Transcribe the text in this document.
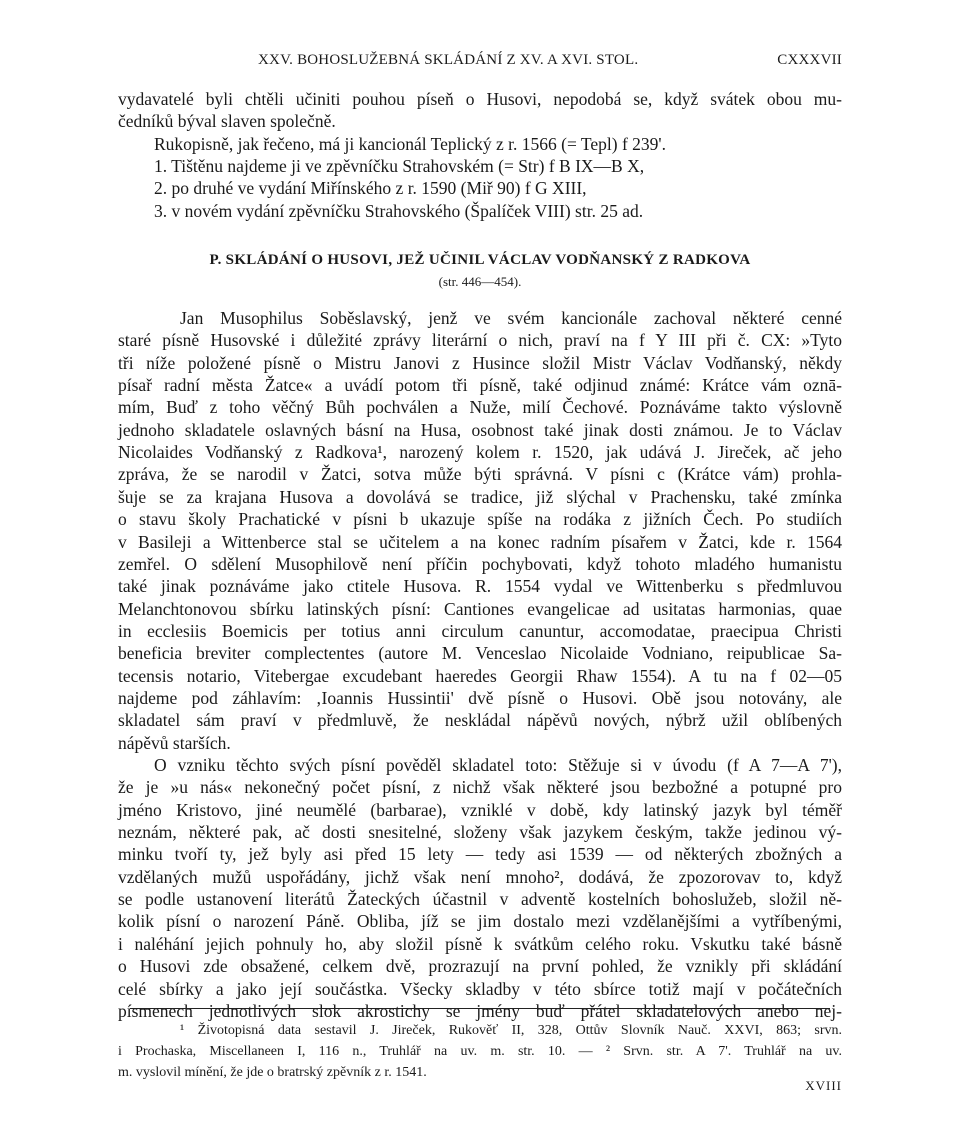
XXV. BOHOSLUŽEBNÁ SKLÁDÁNÍ Z XV. A XVI. STOL.	CXXXVII
vydavatelé byli chtěli učiniti pouhou píseň o Husovi, nepodobá se, když svátek obou mu-
čedníků býval slaven společně.
Rukopisně, jak řečeno, má ji kancionál Teplický z r. 1566 (= Tepl) f 239'.
1. Tištěnu najdeme ji ve zpěvníčku Strahovském (= Str) f B IX—B X,
2. po druhé ve vydání Miřínského z r. 1590 (Miř 90) f G XIII,
3. v novém vydání zpěvníčku Strahovského (Špalíček VIII) str. 25 ad.
P. SKLÁDÁNÍ O HUSOVI, JEŽ UČINIL VÁCLAV VODŇANSKÝ Z RADKOVA
(str. 446—454).
Jan Musophilus Soběslavský, jenž ve svém kancionále zachoval některé cenné
staré písně Husovské i důležité zprávy literární o nich, praví na f Y III při č. CX: »Tyto
tři níže položené písně o Mistru Janovi z Husince složil Mistr Václav Vodňanský, někdy
písař radní města Žatce« a uvádí potom tři písně, také odjinud známé: Krátce vám oznā-
mím, Buď z toho věčný Bůh pochválen a Nuže, milí Čechové. Poznáváme takto výslovně
jednoho skladatele oslavných básní na Husa, osobnost také jinak dosti známou. Je to Václav
Nicolaides Vodňanský z Radkova¹, narozený kolem r. 1520, jak udává J. Jireček, ač jeho
zpráva, že se narodil v Žatci, sotva může býti správná. V písni c (Krátce vám) prohla-
šuje se za krajana Husova a dovolává se tradice, již slýchal v Prachensku, také zmínka
o stavu školy Prachatické v písni b ukazuje spíše na rodáka z jižních Čech. Po studiích
v Basileji a Wittenberce stal se učitelem a na konec radním písařem v Žatci, kde r. 1564
zemřel. O sdělení Musophilově není příčin pochybovati, když tohoto mladého humanistu
také jinak poznáváme jako ctitele Husova. R. 1554 vydal ve Wittenberku s předmluvou
Melanchtonovou sbírku latinských písní: Cantiones evangelicae ad usitatas harmonias, quae
in ecclesiis Boemicis per totius anni circulum canuntur, accomodatae, praecipua Christi
beneficia breviter complectentes (autore M. Venceslao Nicolaide Vodniano, reipublicae Sa-
tecensis notario, Vitebergae excudebant haeredes Georgii Rhaw 1554). A tu na f 02—05
najdeme pod záhlavím: ‚Ioannis Hussintii' dvě písně o Husovi. Obě jsou notovány, ale
skladatel sám praví v předmluvě, že neskládal nápěvů nových, nýbrž užil oblíbených
nápěvů starších.
O vzniku těchto svých písní pověděl skladatel toto: Stěžuje si v úvodu (f A 7—A 7'),
že je »u nás« nekonečný počet písní, z nichž však některé jsou bezbožné a potupné pro
jméno Kristovo, jiné neumělé (barbarae), vzniklé v době, kdy latinský jazyk byl téměř
neznám, některé pak, ač dosti snesitelné, složeny však jazykem českým, takže jedinou vý-
minku tvoří ty, jež byly asi před 15 lety — tedy asi 1539 — od některých zbožných a
vzdělaných mužů uspořádány, jichž však není mnoho², dodává, že zpozorovav to, když
se podle ustanovení literátů Žateckých účastnil v adventě kostelních bohoslužeb, složil ně-
kolik písní o narození Páně. Obliba, jíž se jim dostalo mezi vzdělanějšími a vytříbenými,
i naléhání jejich pohnuly ho, aby složil písně k svátkům celého roku. Vskutku také básně
o Husovi zde obsažené, celkem dvě, prozrazují na první pohled, že vznikly při skládání
celé sbírky a jako její součástka. Všecky skladby v této sbírce totiž mají v počátečních
písmenech jednotlivých slok akrostichy se jmény buď přátel skladatelových anebo nej-
¹ Životopisná data sestavil J. Jireček, Rukověť II, 328, Ottův Slovník Nauč. XXVI, 863; srvn.
i Prochaska, Miscellaneen I, 116 n., Truhlář na uv. m. str. 10. — ² Srvn. str. A 7'. Truhlář na uv.
m. vyslovil mínění, že jde o bratrský zpěvník z r. 1541.
XVIII
